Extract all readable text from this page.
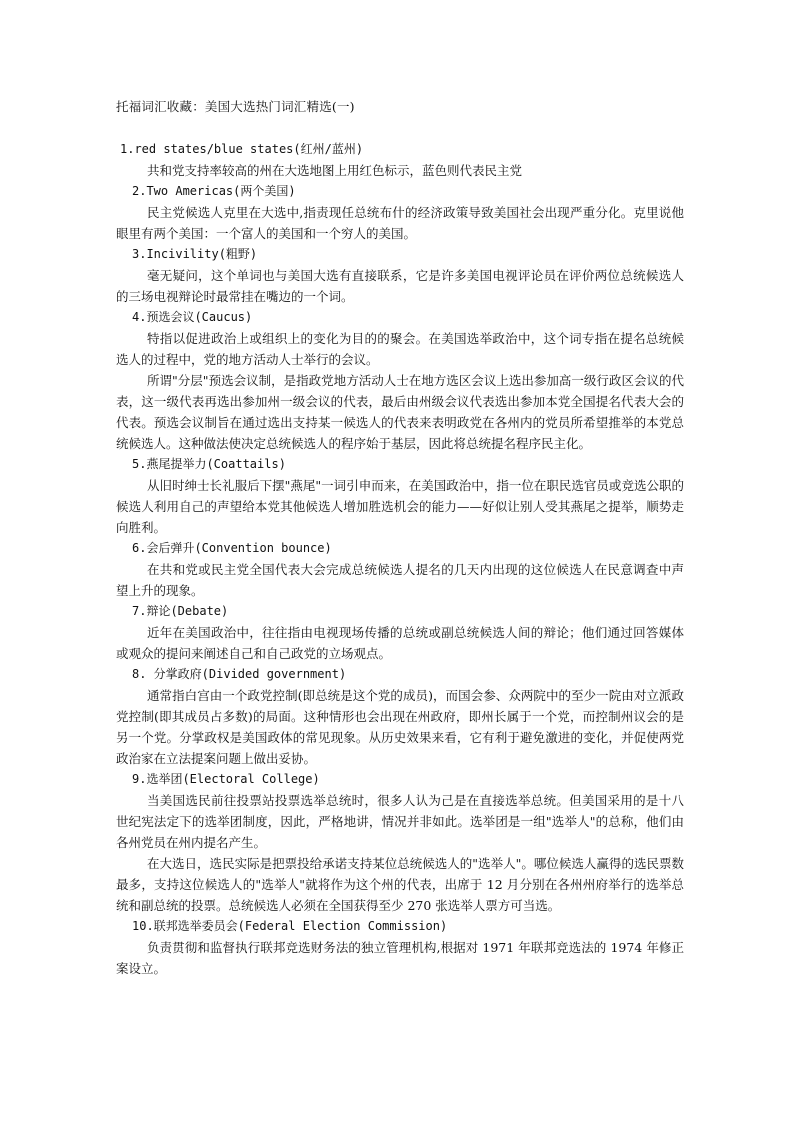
托福词汇收藏：美国大选热门词汇精选(一)
1.red states/blue states(红州/蓝州)
共和党支持率较高的州在大选地图上用红色标示，蓝色则代表民主党
2.Two Americas(两个美国)
民主党候选人克里在大选中,指责现任总统布什的经济政策导致美国社会出现严重分化。克里说他眼里有两个美国：一个富人的美国和一个穷人的美国。
3.Incivility(粗野)
毫无疑问，这个单词也与美国大选有直接联系，它是许多美国电视评论员在评价两位总统候选人的三场电视辩论时最常挂在嘴边的一个词。
4.预选会议(Caucus)
特指以促进政治上或组织上的变化为目的的聚会。在美国选举政治中，这个词专指在提名总统候选人的过程中，党的地方活动人士举行的会议。
所谓"分层"预选会议制，是指政党地方活动人士在地方选区会议上选出参加高一级行政区会议的代表，这一级代表再选出参加州一级会议的代表，最后由州级会议代表选出参加本党全国提名代表大会的代表。预选会议制旨在通过选出支持某一候选人的代表来表明政党在各州内的党员所希望推举的本党总统候选人。这种做法使决定总统候选人的程序始于基层，因此将总统提名程序民主化。
5.燕尾提举力(Coattails)
从旧时绅士长礼服后下摆"燕尾"一词引申而来，在美国政治中，指一位在职民选官员或竞选公职的候选人利用自己的声望给本党其他候选人增加胜选机会的能力——好似让别人受其燕尾之提举，顺势走向胜利。
6.会后弹升(Convention bounce)
在共和党或民主党全国代表大会完成总统候选人提名的几天内出现的这位候选人在民意调查中声望上升的现象。
7.辩论(Debate)
近年在美国政治中，往往指由电视现场传播的总统或副总统候选人间的辩论；他们通过回答媒体或观众的提问来阐述自己和自己政党的立场观点。
8. 分掌政府(Divided government)
通常指白宫由一个政党控制(即总统是这个党的成员)，而国会参、众两院中的至少一院由对立派政党控制(即其成员占多数)的局面。这种情形也会出现在州政府，即州长属于一个党，而控制州议会的是另一个党。分掌政权是美国政体的常见现象。从历史效果来看，它有利于避免激进的变化，并促使两党政治家在立法提案问题上做出妥协。
9.选举团(Electoral College)
当美国选民前往投票站投票选举总统时，很多人认为己是在直接选举总统。但美国采用的是十八世纪宪法定下的选举团制度，因此，严格地讲，情况并非如此。选举团是一组"选举人"的总称，他们由各州党员在州内提名产生。
在大选日，选民实际是把票投给承诺支持某位总统候选人的"选举人"。哪位候选人赢得的选民票数最多，支持这位候选人的"选举人"就将作为这个州的代表，出席于 12 月分别在各州州府举行的选举总统和副总统的投票。总统候选人必须在全国获得至少 270 张选举人票方可当选。
10.联邦选举委员会(Federal Election Commission)
负责贯彻和监督执行联邦竞选财务法的独立管理机构,根据对 1971 年联邦竞选法的 1974 年修正案设立。
